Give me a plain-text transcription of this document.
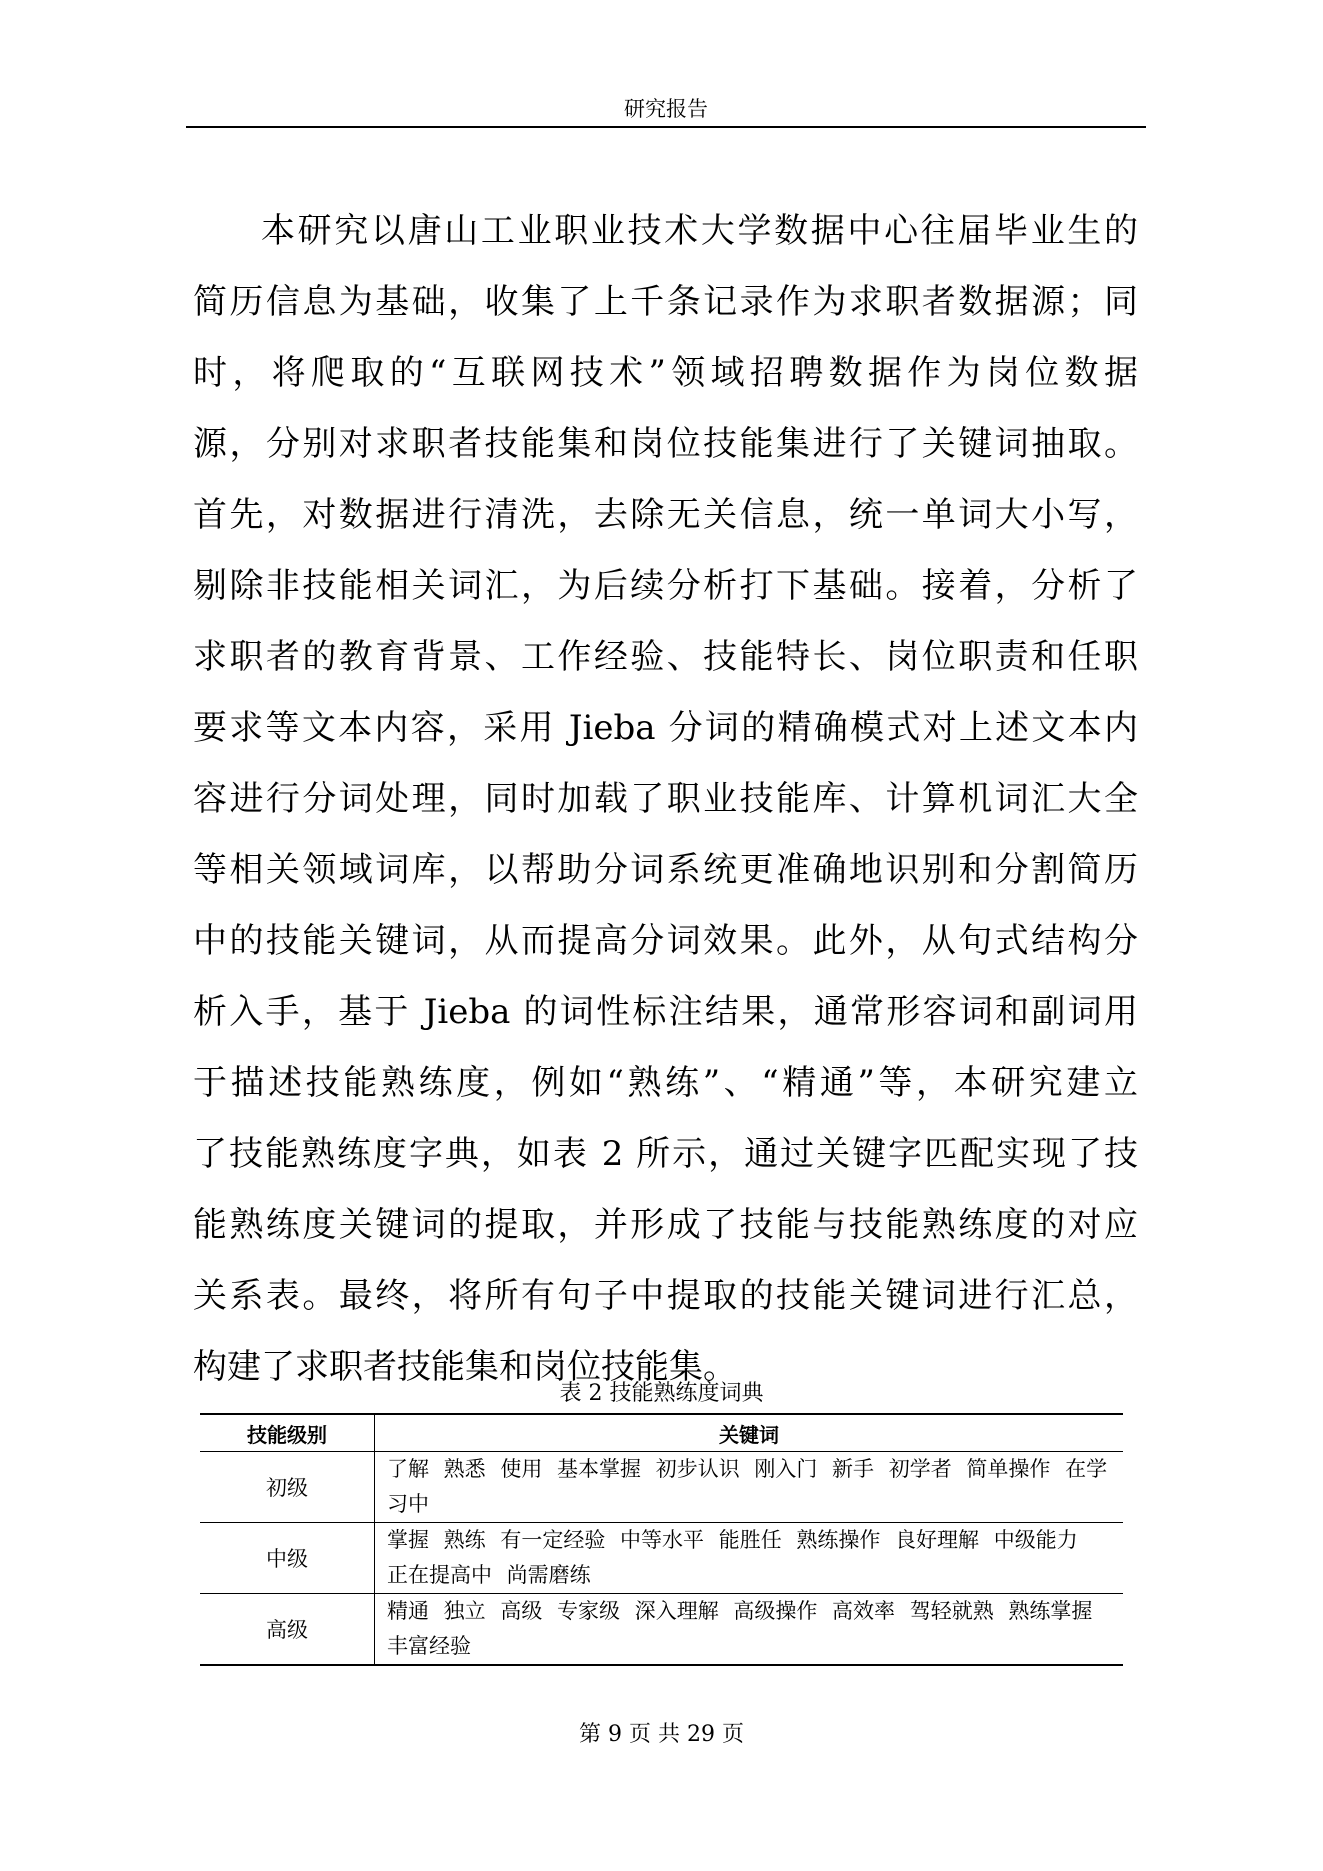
研究报告
本研究以唐山工业职业技术大学数据中心往届毕业生的
简历信息为基础，收集了上千条记录作为求职者数据源；同
时，将爬取的“互联网技术”领域招聘数据作为岗位数据
源，分别对求职者技能集和岗位技能集进行了关键词抽取。
首先，对数据进行清洗，去除无关信息，统一单词大小写，
剔除非技能相关词汇，为后续分析打下基础。接着，分析了
求职者的教育背景、工作经验、技能特长、岗位职责和任职
要求等文本内容，采用 Jieba 分词的精确模式对上述文本内
容进行分词处理，同时加载了职业技能库、计算机词汇大全
等相关领域词库，以帮助分词系统更准确地识别和分割简历
中的技能关键词，从而提高分词效果。此外，从句式结构分
析入手，基于 Jieba 的词性标注结果，通常形容词和副词用
于描述技能熟练度，例如“熟练”、“精通”等，本研究建立
了技能熟练度字典，如表 2 所示，通过关键字匹配实现了技
能熟练度关键词的提取，并形成了技能与技能熟练度的对应
关系表。最终，将所有句子中提取的技能关键词进行汇总，
构建了求职者技能集和岗位技能集。
表 2 技能熟练度词典
技能级别	关键词
初级	了解 熟悉 使用 基本掌握 初步认识 刚入门 新手 初学者 简单操作 在学习中
中级	掌握 熟练 有一定经验 中等水平 能胜任 熟练操作 良好理解 中级能力 正在提高中 尚需磨练
高级	精通 独立 高级 专家级 深入理解 高级操作 高效率 驾轻就熟 熟练掌握 丰富经验
第 9 页 共 29 页
